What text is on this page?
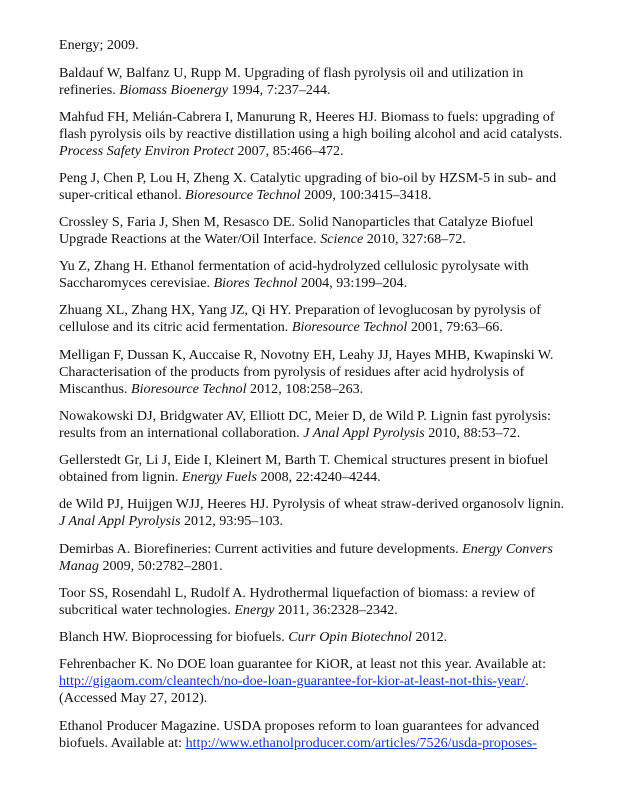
Energy; 2009.
Baldauf W, Balfanz U, Rupp M. Upgrading of flash pyrolysis oil and utilization in
refineries. Biomass Bioenergy 1994, 7:237–244.
Mahfud FH, Melián-Cabrera I, Manurung R, Heeres HJ. Biomass to fuels: upgrading of
flash pyrolysis oils by reactive distillation using a high boiling alcohol and acid catalysts.
Process Safety Environ Protect 2007, 85:466–472.
Peng J, Chen P, Lou H, Zheng X. Catalytic upgrading of bio-oil by HZSM-5 in sub- and
super-critical ethanol. Bioresource Technol 2009, 100:3415–3418.
Crossley S, Faria J, Shen M, Resasco DE. Solid Nanoparticles that Catalyze Biofuel
Upgrade Reactions at the Water/Oil Interface. Science 2010, 327:68–72.
Yu Z, Zhang H. Ethanol fermentation of acid-hydrolyzed cellulosic pyrolysate with
Saccharomyces cerevisiae. Biores Technol 2004, 93:199–204.
Zhuang XL, Zhang HX, Yang JZ, Qi HY. Preparation of levoglucosan by pyrolysis of
cellulose and its citric acid fermentation. Bioresource Technol 2001, 79:63–66.
Melligan F, Dussan K, Auccaise R, Novotny EH, Leahy JJ, Hayes MHB, Kwapinski W.
Characterisation of the products from pyrolysis of residues after acid hydrolysis of
Miscanthus. Bioresource Technol 2012, 108:258–263.
Nowakowski DJ, Bridgwater AV, Elliott DC, Meier D, de Wild P. Lignin fast pyrolysis:
results from an international collaboration. J Anal Appl Pyrolysis 2010, 88:53–72.
Gellerstedt Gr, Li J, Eide I, Kleinert M, Barth T. Chemical structures present in biofuel
obtained from lignin. Energy Fuels 2008, 22:4240–4244.
de Wild PJ, Huijgen WJJ, Heeres HJ. Pyrolysis of wheat straw-derived organosolv lignin.
J Anal Appl Pyrolysis 2012, 93:95–103.
Demirbas A. Biorefineries: Current activities and future developments. Energy Convers
Manag 2009, 50:2782–2801.
Toor SS, Rosendahl L, Rudolf A. Hydrothermal liquefaction of biomass: a review of
subcritical water technologies. Energy 2011, 36:2328–2342.
Blanch HW. Bioprocessing for biofuels. Curr Opin Biotechnol 2012.
Fehrenbacher K. No DOE loan guarantee for KiOR, at least not this year. Available at:
http://gigaom.com/cleantech/no-doe-loan-guarantee-for-kior-at-least-not-this-year/.
(Accessed May 27, 2012).
Ethanol Producer Magazine. USDA proposes reform to loan guarantees for advanced
biofuels. Available at: http://www.ethanolproducer.com/articles/7526/usda-proposes-
